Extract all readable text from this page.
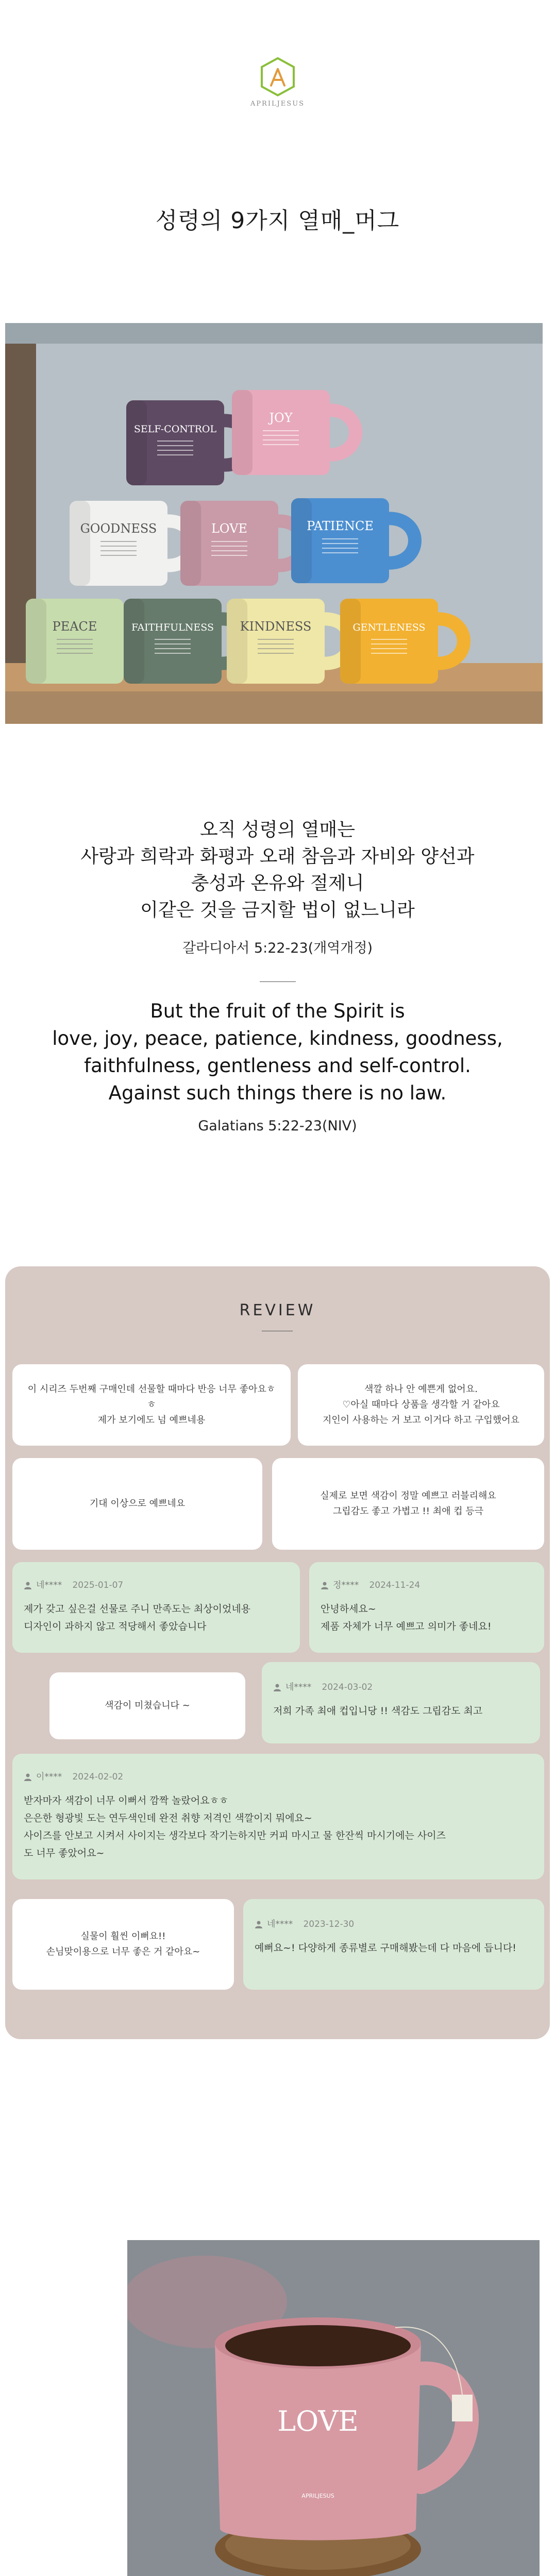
APRILJESUS
성령의 9가지 열매_머그
SELF-CONTROL
JOY
GOODNESS	LOVE	PATIENCE
PEACE	FAITHFULNESS KINDNESS	GENTLENESS
오직 성령의 열매는
사랑과 희락과 화평과 오래 참음과 자비와 양선과
충성과 온유와 절제니
이같은 것을 금지할 법이 없느니라
갈라디아서 5:22-23(개역개정)
But the fruit of the Spirit is
love, joy, peace, patience, kindness, goodness,
faithfulness, gentleness and self-control.
Against such things there is no law.
Galatians 5:22-23(NIV)
REVIEW
이 시리즈 두번째 구매인데 선물할 때마다 반응 너무 좋아요ㅎㅎ
제가 보기에도 넘 예쁘네용
색깔 하나 안 예쁜게 없어요.
♡아실 때마다 상품을 생각할 거 같아요
지인이 사용하는 거 보고 이거다 하고 구입했어요
기대 이상으로 예쁘네요
실제로 보면 색감이 정말 예쁘고 러블리해요
그립감도 좋고 가볍고 !! 최애 컵 등극
네**** 2025-01-07
제가 갖고 싶은걸 선물로 주니 만족도는 최상이었네용
디자인이 과하지 않고 적당해서 좋았습니다
정**** 2024-11-24
안녕하세요~
제품 자체가 너무 예쁘고 의미가 좋네요!
색감이 미쳤습니다 ~
네**** 2024-03-02
저희 가족 최애 컵입니당 !! 색감도 그립감도 최고
이**** 2024-02-02
받자마자 색감이 너무 이뻐서 깜짝 놀랐어요ㅎㅎ
은은한 형광빛 도는 연두색인데 완전 취향 저격인 색깔이지 뭐에요~
사이즈를 안보고 시켜서 사이지는 생각보다 작기는하지만 커피 마시고 물 한잔씩 마시기에는 사이즈
도 너무 좋았어요~
실물이 훨씬 이뻐요!!
손님맞이용으로 너무 좋은 거 같아요~
네**** 2023-12-30
예뻐요~! 다양하게 종류별로 구매해봤는데 다 마음에 듭니다!
LOVE
APRILJESUS
